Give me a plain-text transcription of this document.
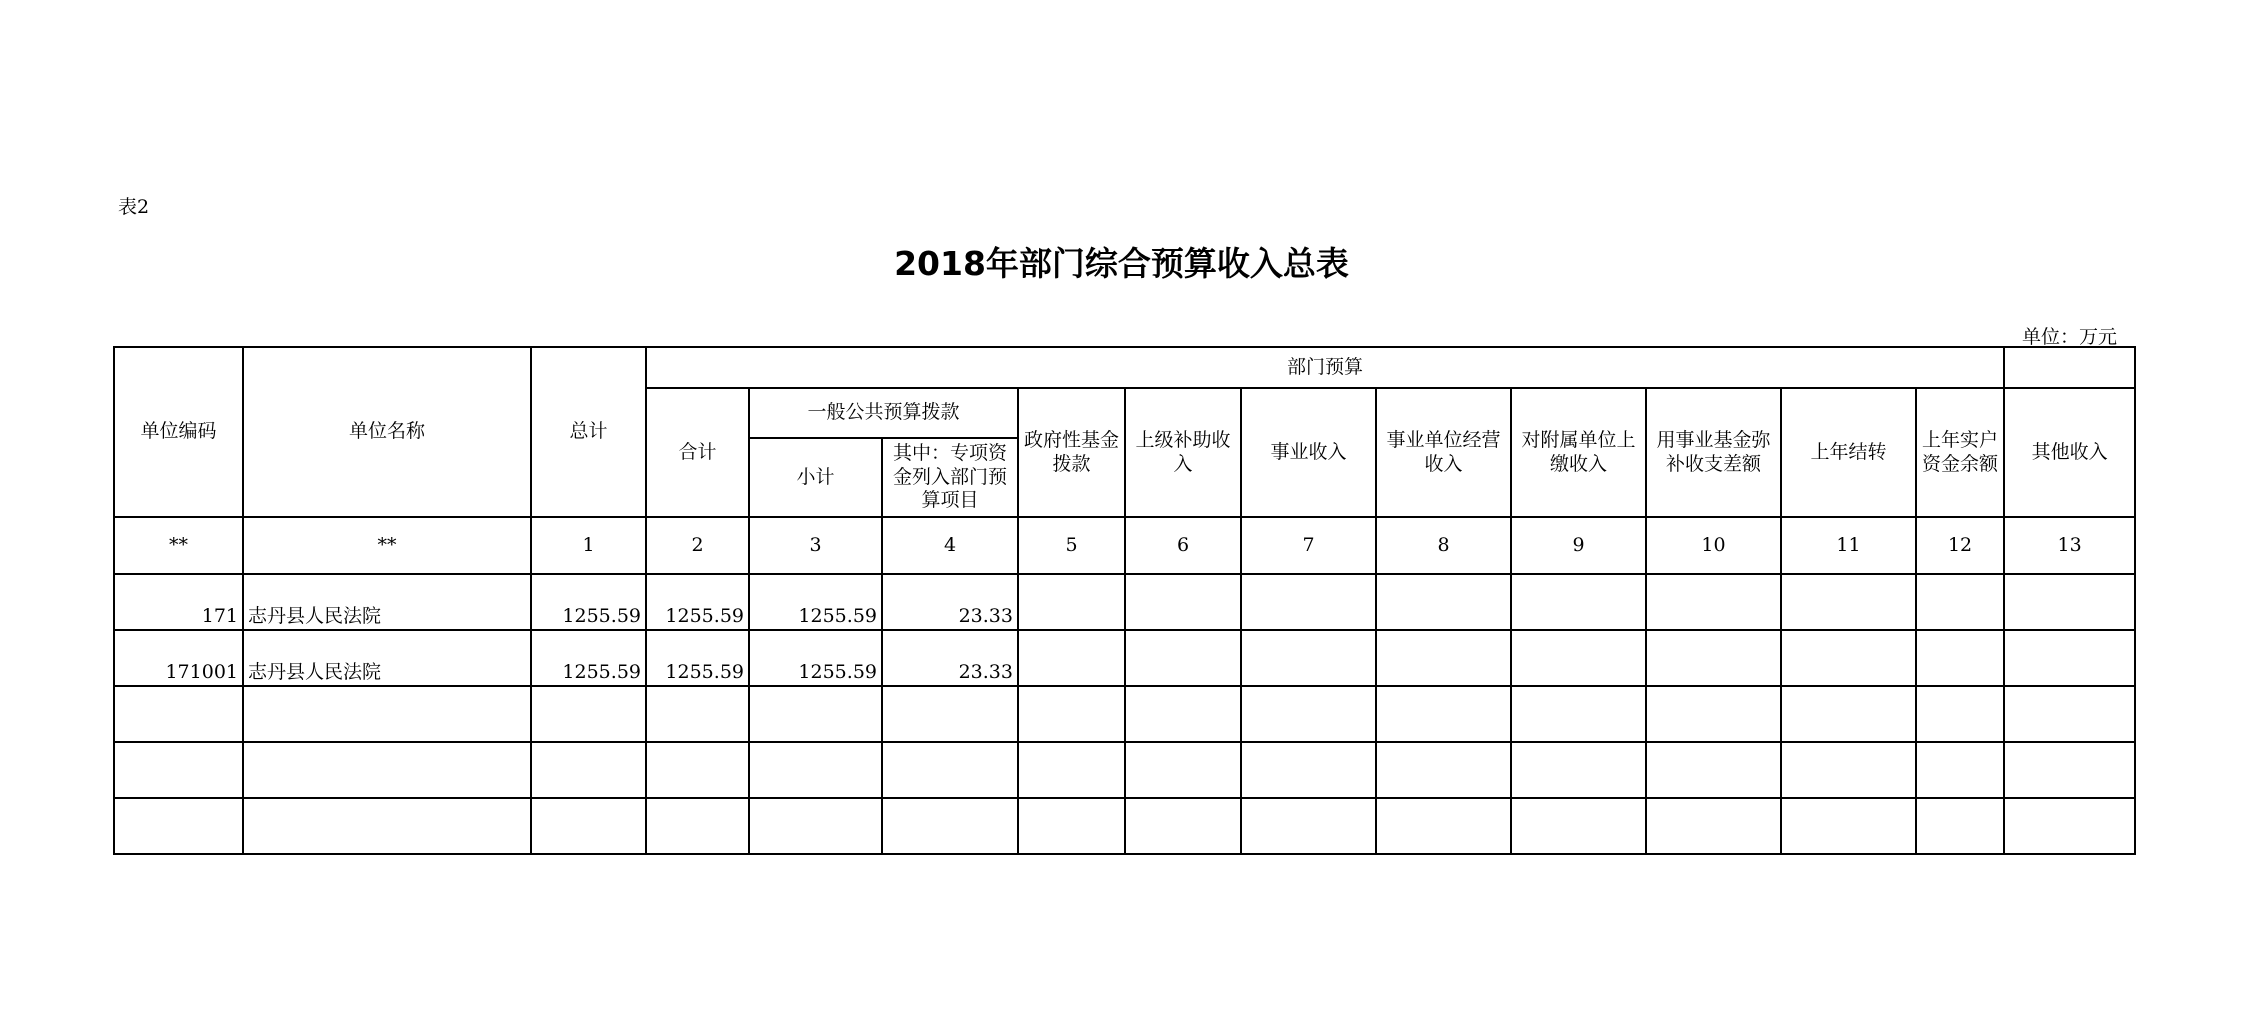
表2
2018年部门综合预算收入总表
单位：万元
单位编码	单位名称	总计	部门预算											
			合计	一般公共预算拨款		政府性基金拨款	上级补助收入	事业收入	事业单位经营收入	对附属单位上缴收入	用事业基金弥补收支差额	上年结转	上年实户资金余额	其他收入
				小计	其中：专项资金列入部门预算项目									
**	**	1	2	3	4	5	6	7	8	9	10	11	12	13
171	志丹县人民法院	1255.59	1255.59	1255.59	23.33									
171001	志丹县人民法院	1255.59	1255.59	1255.59	23.33									
